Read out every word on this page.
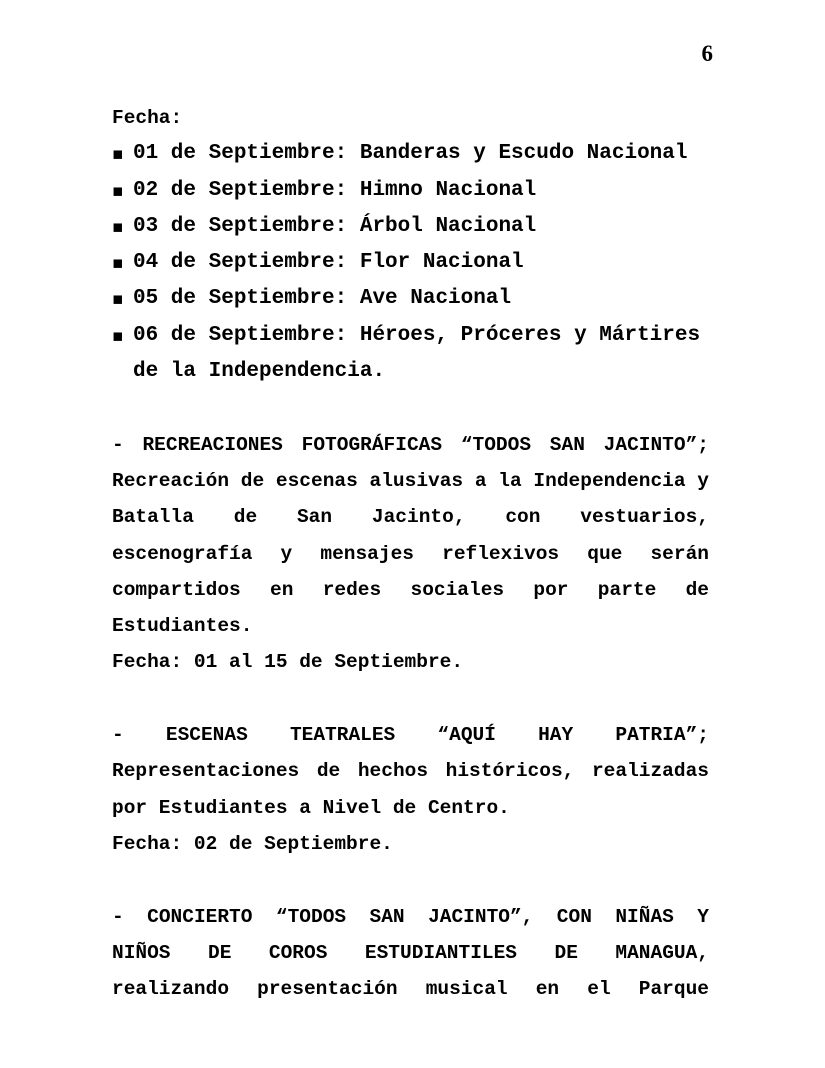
6
Fecha:
▪ 01 de Septiembre: Banderas y Escudo Nacional
▪ 02 de Septiembre: Himno Nacional
▪ 03 de Septiembre: Árbol Nacional
▪ 04 de Septiembre: Flor Nacional
▪ 05 de Septiembre: Ave Nacional
▪ 06 de Septiembre: Héroes, Próceres y Mártires
de la Independencia.
- RECREACIONES FOTOGRÁFICAS “TODOS SAN JACINTO”;
Recreación de escenas alusivas a la Independencia y
Batalla de San Jacinto, con vestuarios,
escenografía y mensajes reflexivos que serán
compartidos en redes sociales por parte de
Estudiantes.
Fecha: 01 al 15 de Septiembre.
- ESCENAS TEATRALES “AQUÍ HAY PATRIA”;
Representaciones de hechos históricos, realizadas
por Estudiantes a Nivel de Centro.
Fecha: 02 de Septiembre.
- CONCIERTO “TODOS SAN JACINTO”, CON NIÑAS Y
NIÑOS DE COROS ESTUDIANTILES DE MANAGUA,
realizando presentación musical en el Parque
